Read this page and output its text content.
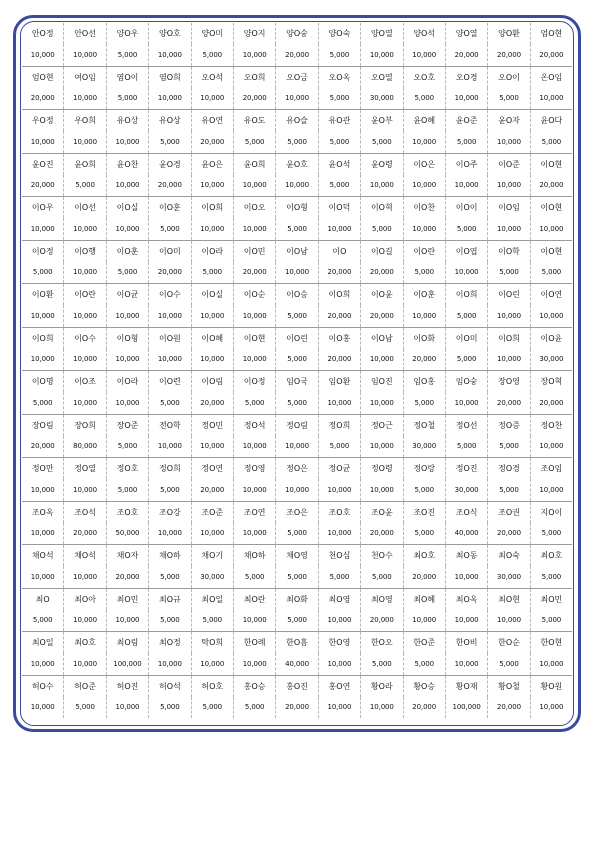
안O정	안O선	양O우	양O호	양O미	양O지	양O숭	양O숙	양O열	양O석	양O열	양O환	엄O현
10,000	10,000	5,000	10,000	5,000	10,000	20,000	5,000	10,000	10,000	20,000	20,000	20,000
엄O현	여O임	염O이	염O희	오O석	오O희	오O금	오O옥	오O열	오O호	오O경	오O이	온O임
20,000	10,000	5,000	10,000	10,000	20,000	10,000	5,000	30,000	5,000	10,000	5,000	10,000
우O정	우O희	유O상	유O상	유O연	유O도	유O슬	유O관	윤O부	윤O혜	윤O준	윤O자	윤O다
10,000	10,000	10,000	5,000	20,000	5,000	5,000	5,000	5,000	10,000	5,000	10,000	5,000
윤O진	윤O희	윤O찬	윤O경	윤O은	윤O희	윤O호	윤O석	윤O령	이O은	이O주	이O준	이O현
20,000	5,000	10,000	20,000	10,000	10,000	10,000	5,000	10,000	10,000	10,000	10,000	20,000
이O우	이O선	이O실	이O훈	이O희	이O오	이O형	이O덕	이O혁	이O찬	이O이	이O임	이O현
10,000	10,000	10,000	5,000	10,000	10,000	5,000	10,000	5,000	10,000	5,000	10,000	10,000
이O정	이O행	이O훈	이O미	이O라	이O민	이O남	이O	이O길	이O란	이O엽	이O학	이O현
5,000	10,000	5,000	20,000	5,000	20,000	10,000	20,000	20,000	5,000	10,000	5,000	5,000
이O환	이O란	이O균	이O수	이O실	이O순	이O승	이O희	이O윤	이O훈	이O희	이O린	이O연
10,000	10,000	10,000	10,000	10,000	10,000	5,000	20,000	20,000	10,000	5,000	10,000	10,000
이O희	이O수	이O형	이O원	이O혜	이O현	이O린	이O홍	이O남	이O화	이O미	이O희	이O윤
10,000	10,000	10,000	10,000	10,000	10,000	5,000	20,000	10,000	20,000	5,000	10,000	30,000
이O명	이O조	이O라	이O련	이O림	이O정	임O국	임O환	임O진	임O홍	임O숭	장O영	장O혁
5,000	10,000	10,000	5,000	20,000	5,000	5,000	10,000	10,000	5,000	10,000	20,000	20,000
장O림	장O희	장O준	전O학	정O민	정O석	정O림	정O희	정O근	정O철	정O선	정O증	정O찬
20,000	80,000	5,000	10,000	10,000	10,000	10,000	5,000	10,000	30,000	5,000	5,000	10,000
정O만	정O열	정O호	정O희	정O연	정O영	정O은	정O균	정O령	정O랑	정O진	정O경	조O임
10,000	10,000	5,000	5,000	20,000	10,000	10,000	10,000	10,000	5,000	30,000	5,000	10,000
조O옥	조O석	조O호	조O강	조O준	조O연	조O은	조O호	조O윤	조O진	조O식	조O권	지O이
10,000	20,000	50,000	10,000	10,000	10,000	5,000	10,000	20,000	5,000	40,000	20,000	5,000
채O석	채O석	채O자	채O하	채O기	채O하	채O영	천O심	천O수	최O호	최O동	최O숙	최O호
10,000	10,000	20,000	5,000	30,000	5,000	5,000	5,000	5,000	20,000	10,000	30,000	5,000
최O	최O아	최O민	최O규	최O일	최O란	최O화	최O영	최O영	최O혜	최O옥	최O현	최O민
5,000	10,000	10,000	5,000	5,000	10,000	5,000	10,000	20,000	10,000	10,000	10,000	5,000
최O일	최O호	최O림	최O정	탁O희	한O례	한O흠	한O영	한O오	한O준	한O비	한O순	한O현
10,000	10,000	100,000	10,000	10,000	10,000	40,000	10,000	5,000	5,000	10,000	5,000	10,000
허O수	허O준	허O진	허O석	허O호	홍O승	홍O진	홍O연	황O라	황O승	황O재	황O철	황O원
10,000	5,000	10,000	5,000	5,000	5,000	20,000	10,000	10,000	20,000	100,000	20,000	10,000
